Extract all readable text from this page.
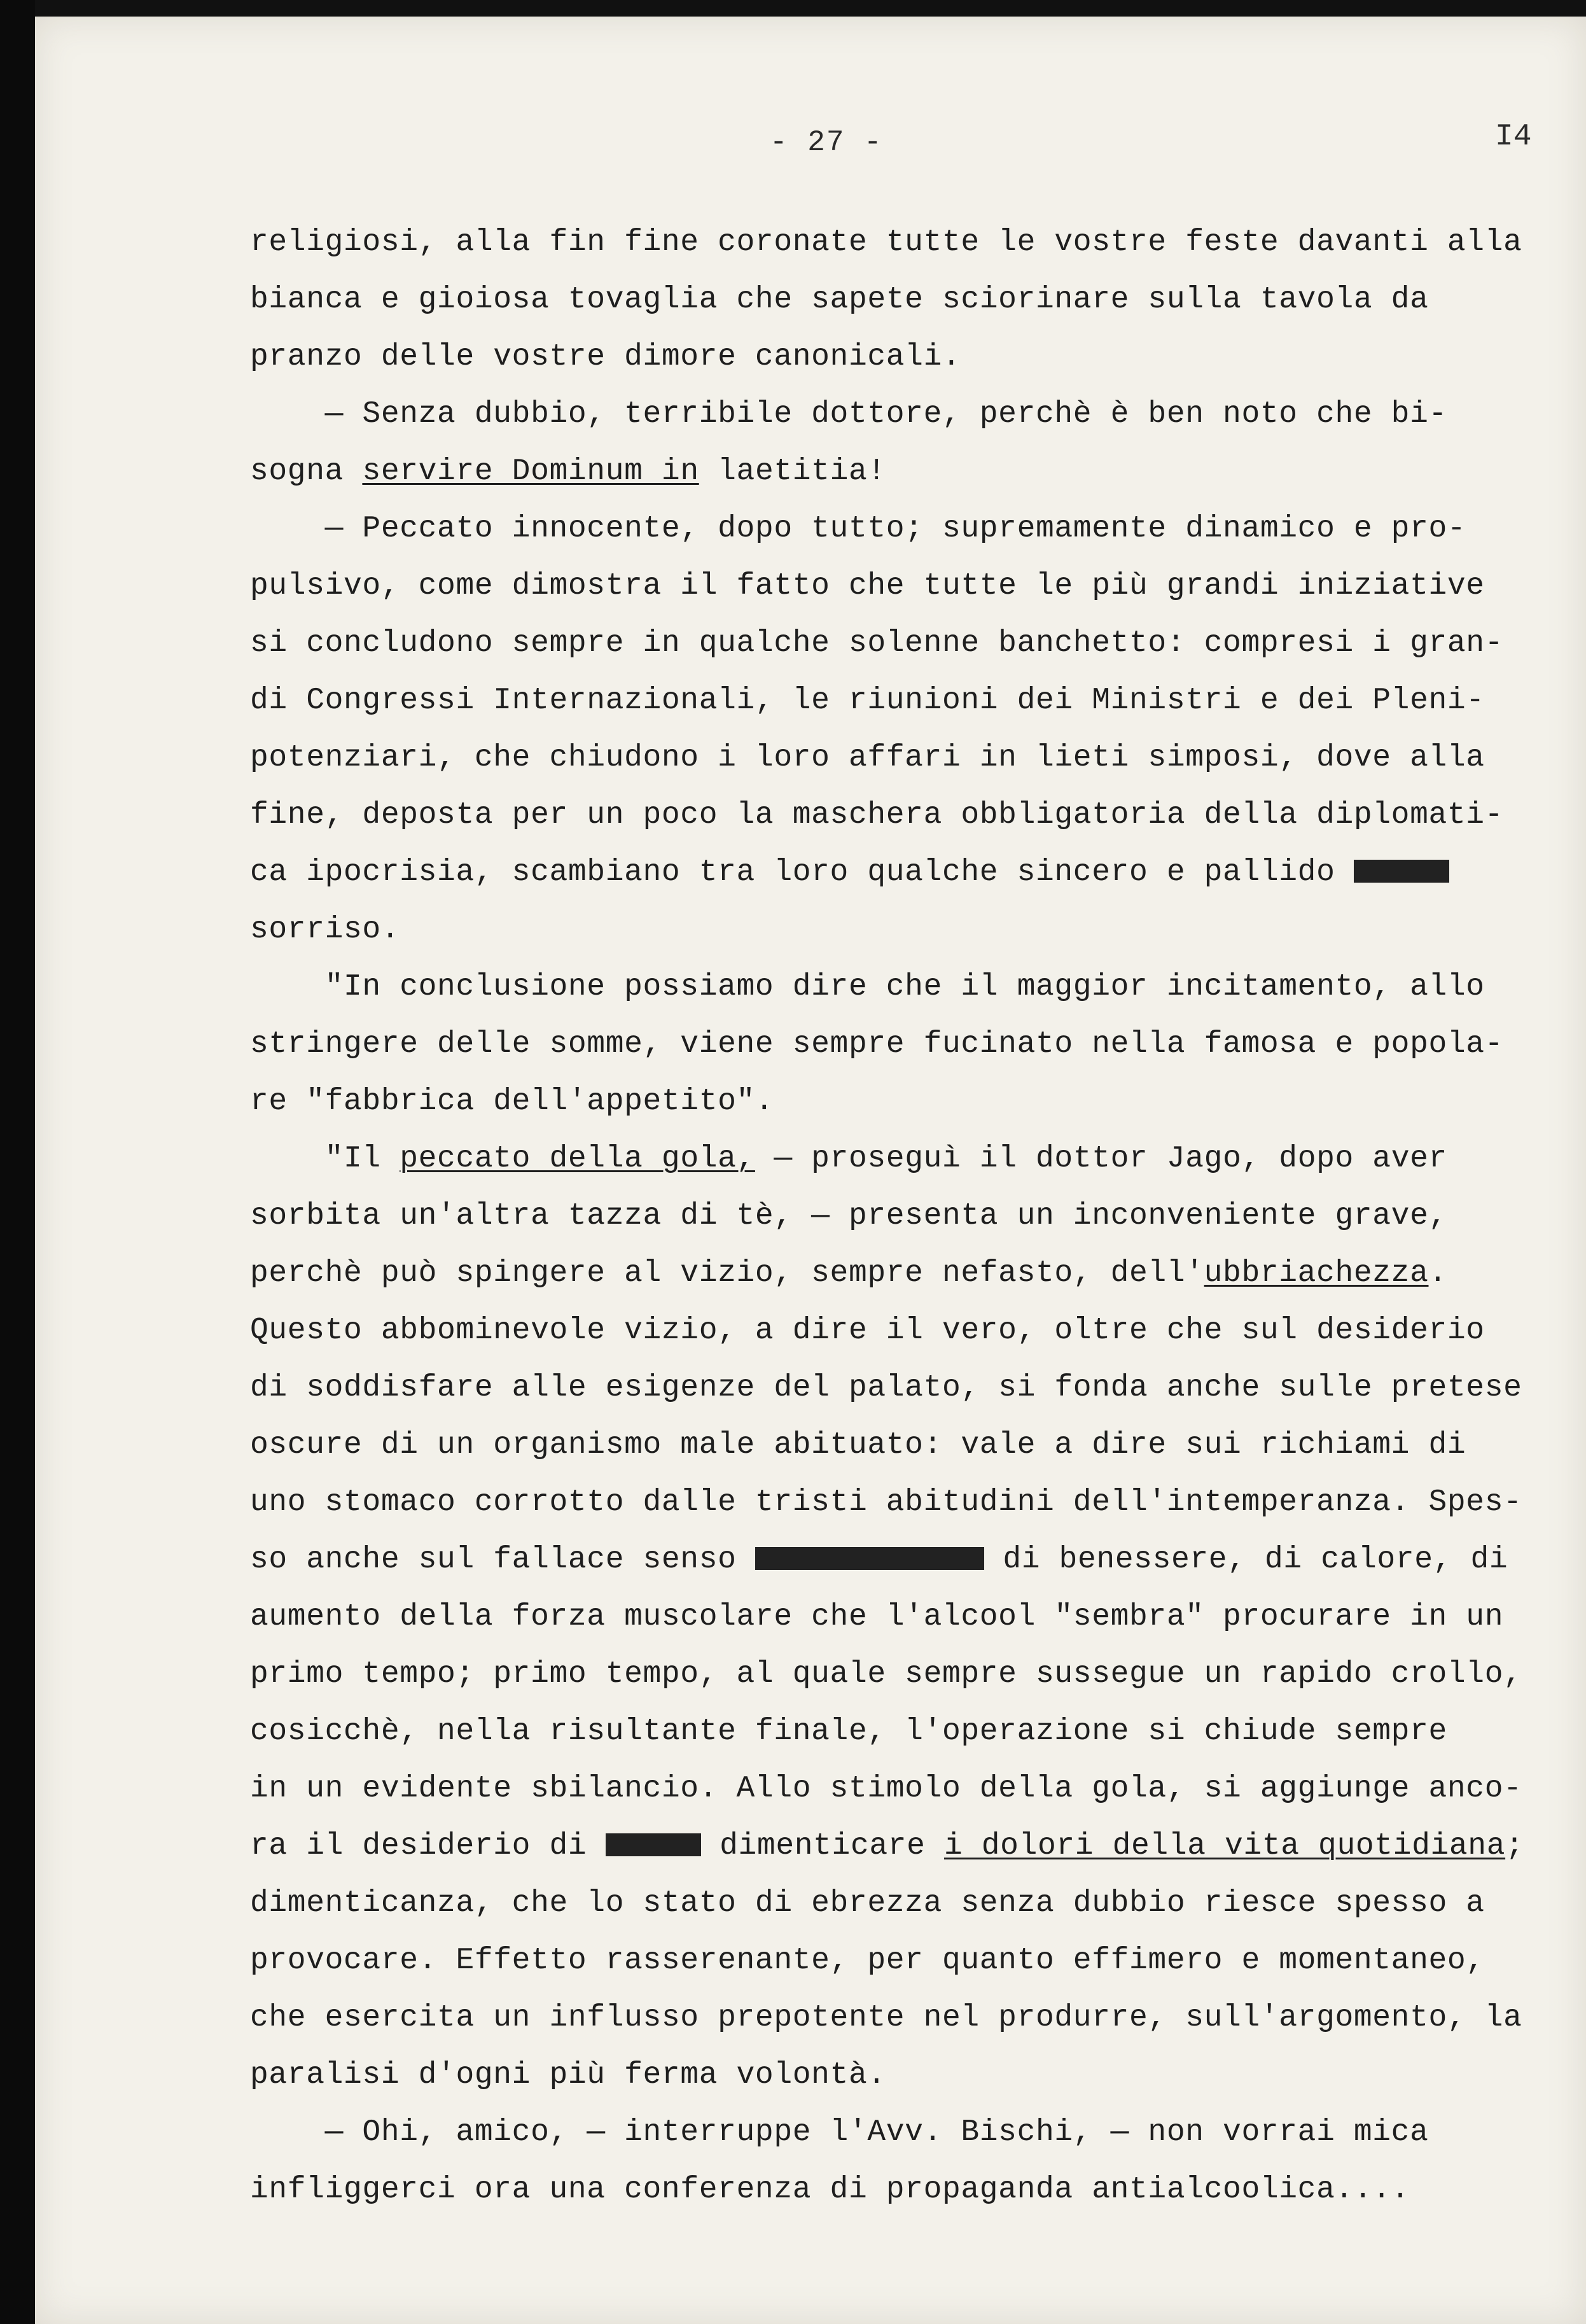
- 27 -	I4
religiosi, alla fin fine coronate tutte le vostre feste davanti alla
bianca e gioiosa tovaglia che sapete sciorinare sulla tavola da
pranzo delle vostre dimore canonicali.
— Senza dubbio, terribile dottore, perchè è ben noto che bi-
sogna servire Dominum in laetitia!
— Peccato innocente, dopo tutto; supremamente dinamico e pro-
pulsivo, come dimostra il fatto che tutte le più grandi iniziative
si concludono sempre in qualche solenne banchetto: compresi i gran-
di Congressi Internazionali, le riunioni dei Ministri e dei Pleni-
potenziari, che chiudono i loro affari in lieti simposi, dove alla
fine, deposta per un poco la maschera obbligatoria della diplomati-
ca ipocrisia, scambiano tra loro qualche sincero e pallido
sorriso.
"In conclusione possiamo dire che il maggior incitamento, allo
stringere delle somme, viene sempre fucinato nella famosa e popola-
re "fabbrica dell'appetito".
"Il peccato della gola, — proseguì il dottor Jago, dopo aver
sorbita un'altra tazza di tè, — presenta un inconveniente grave,
perchè può spingere al vizio, sempre nefasto, dell'ubbriachezza.
Questo abbominevole vizio, a dire il vero, oltre che sul desiderio
di soddisfare alle esigenze del palato, si fonda anche sulle pretese
oscure di un organismo male abituato: vale a dire sui richiami di
uno stomaco corrotto dalle tristi abitudini dell'intemperanza. Spes-
so anche sul fallace senso	di benessere, di calore, di
aumento della forza muscolare che l'alcool "sembra" procurare in un
primo tempo; primo tempo, al quale sempre sussegue un rapido crollo,
cosicchè, nella risultante finale, l'operazione si chiude sempre
in un evidente sbilancio. Allo stimolo della gola, si aggiunge anco-
ra il desiderio di	dimenticare i dolori della vita quotidiana;
dimenticanza, che lo stato di ebrezza senza dubbio riesce spesso a
provocare. Effetto rasserenante, per quanto effimero e momentaneo,
che esercita un influsso prepotente nel produrre, sull'argomento, la
paralisi d'ogni più ferma volontà.
— Ohi, amico, — interruppe l'Avv. Bischi, — non vorrai mica
infliggerci ora una conferenza di propaganda antialcoolica....
